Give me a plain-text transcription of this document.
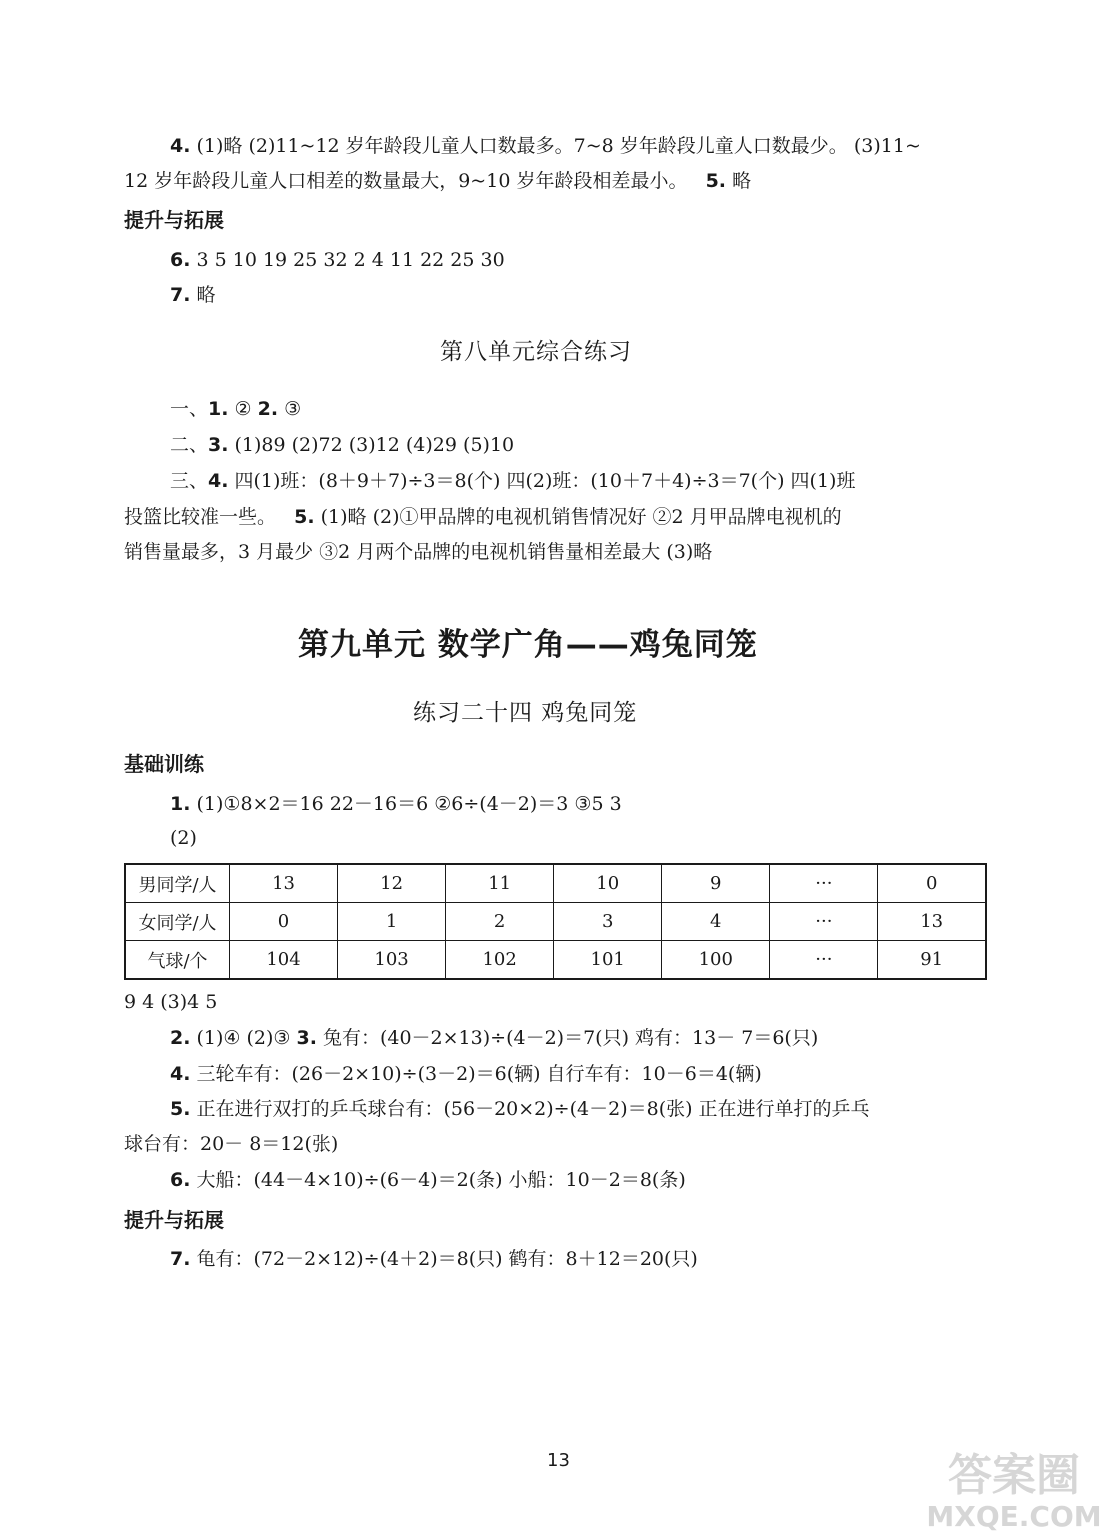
4. (1)略 (2)11~12 岁年龄段儿童人口数最多。7~8 岁年龄段儿童人口数最少。 (3)11~
12 岁年龄段儿童人口相差的数量最大，9~10 岁年龄段相差最小。 5. 略
提升与拓展
6. 3 5 10 19 25 32 2 4 11 22 25 30
7. 略
第八单元综合练习
一、1. ② 2. ③
二、3. (1)89 (2)72 (3)12 (4)29 (5)10
三、4. 四(1)班：(8＋9＋7)÷3＝8(个) 四(2)班：(10＋7＋4)÷3＝7(个) 四(1)班
投篮比较准一些。 5. (1)略 (2)①甲品牌的电视机销售情况好 ②2 月甲品牌电视机的
销售量最多，3 月最少 ③2 月两个品牌的电视机销售量相差最大 (3)略
第九单元 数学广角——鸡兔同笼
练习二十四 鸡兔同笼
基础训练
1. (1)①8×2＝16 22－16＝6 ②6÷(4－2)＝3 ③5 3
(2)
男同学/人	13	12	11	10	9	···	0
女同学/人	0	1	2	3	4	···	13
气球/个	104	103	102	101	100	···	91
9 4 (3)4 5
2. (1)④ (2)③ 3. 兔有：(40－2×13)÷(4－2)＝7(只) 鸡有：13－ 7＝6(只)
4. 三轮车有：(26－2×10)÷(3－2)＝6(辆) 自行车有：10－6＝4(辆)
5. 正在进行双打的乒乓球台有：(56－20×2)÷(4－2)＝8(张) 正在进行单打的乒乓
球台有：20－ 8＝12(张)
6. 大船：(44－4×10)÷(6－4)＝2(条) 小船：10－2＝8(条)
提升与拓展
7. 龟有：(72－2×12)÷(4＋2)＝8(只) 鹤有：8＋12＝20(只)
13	答案圈
MXQE.COM
